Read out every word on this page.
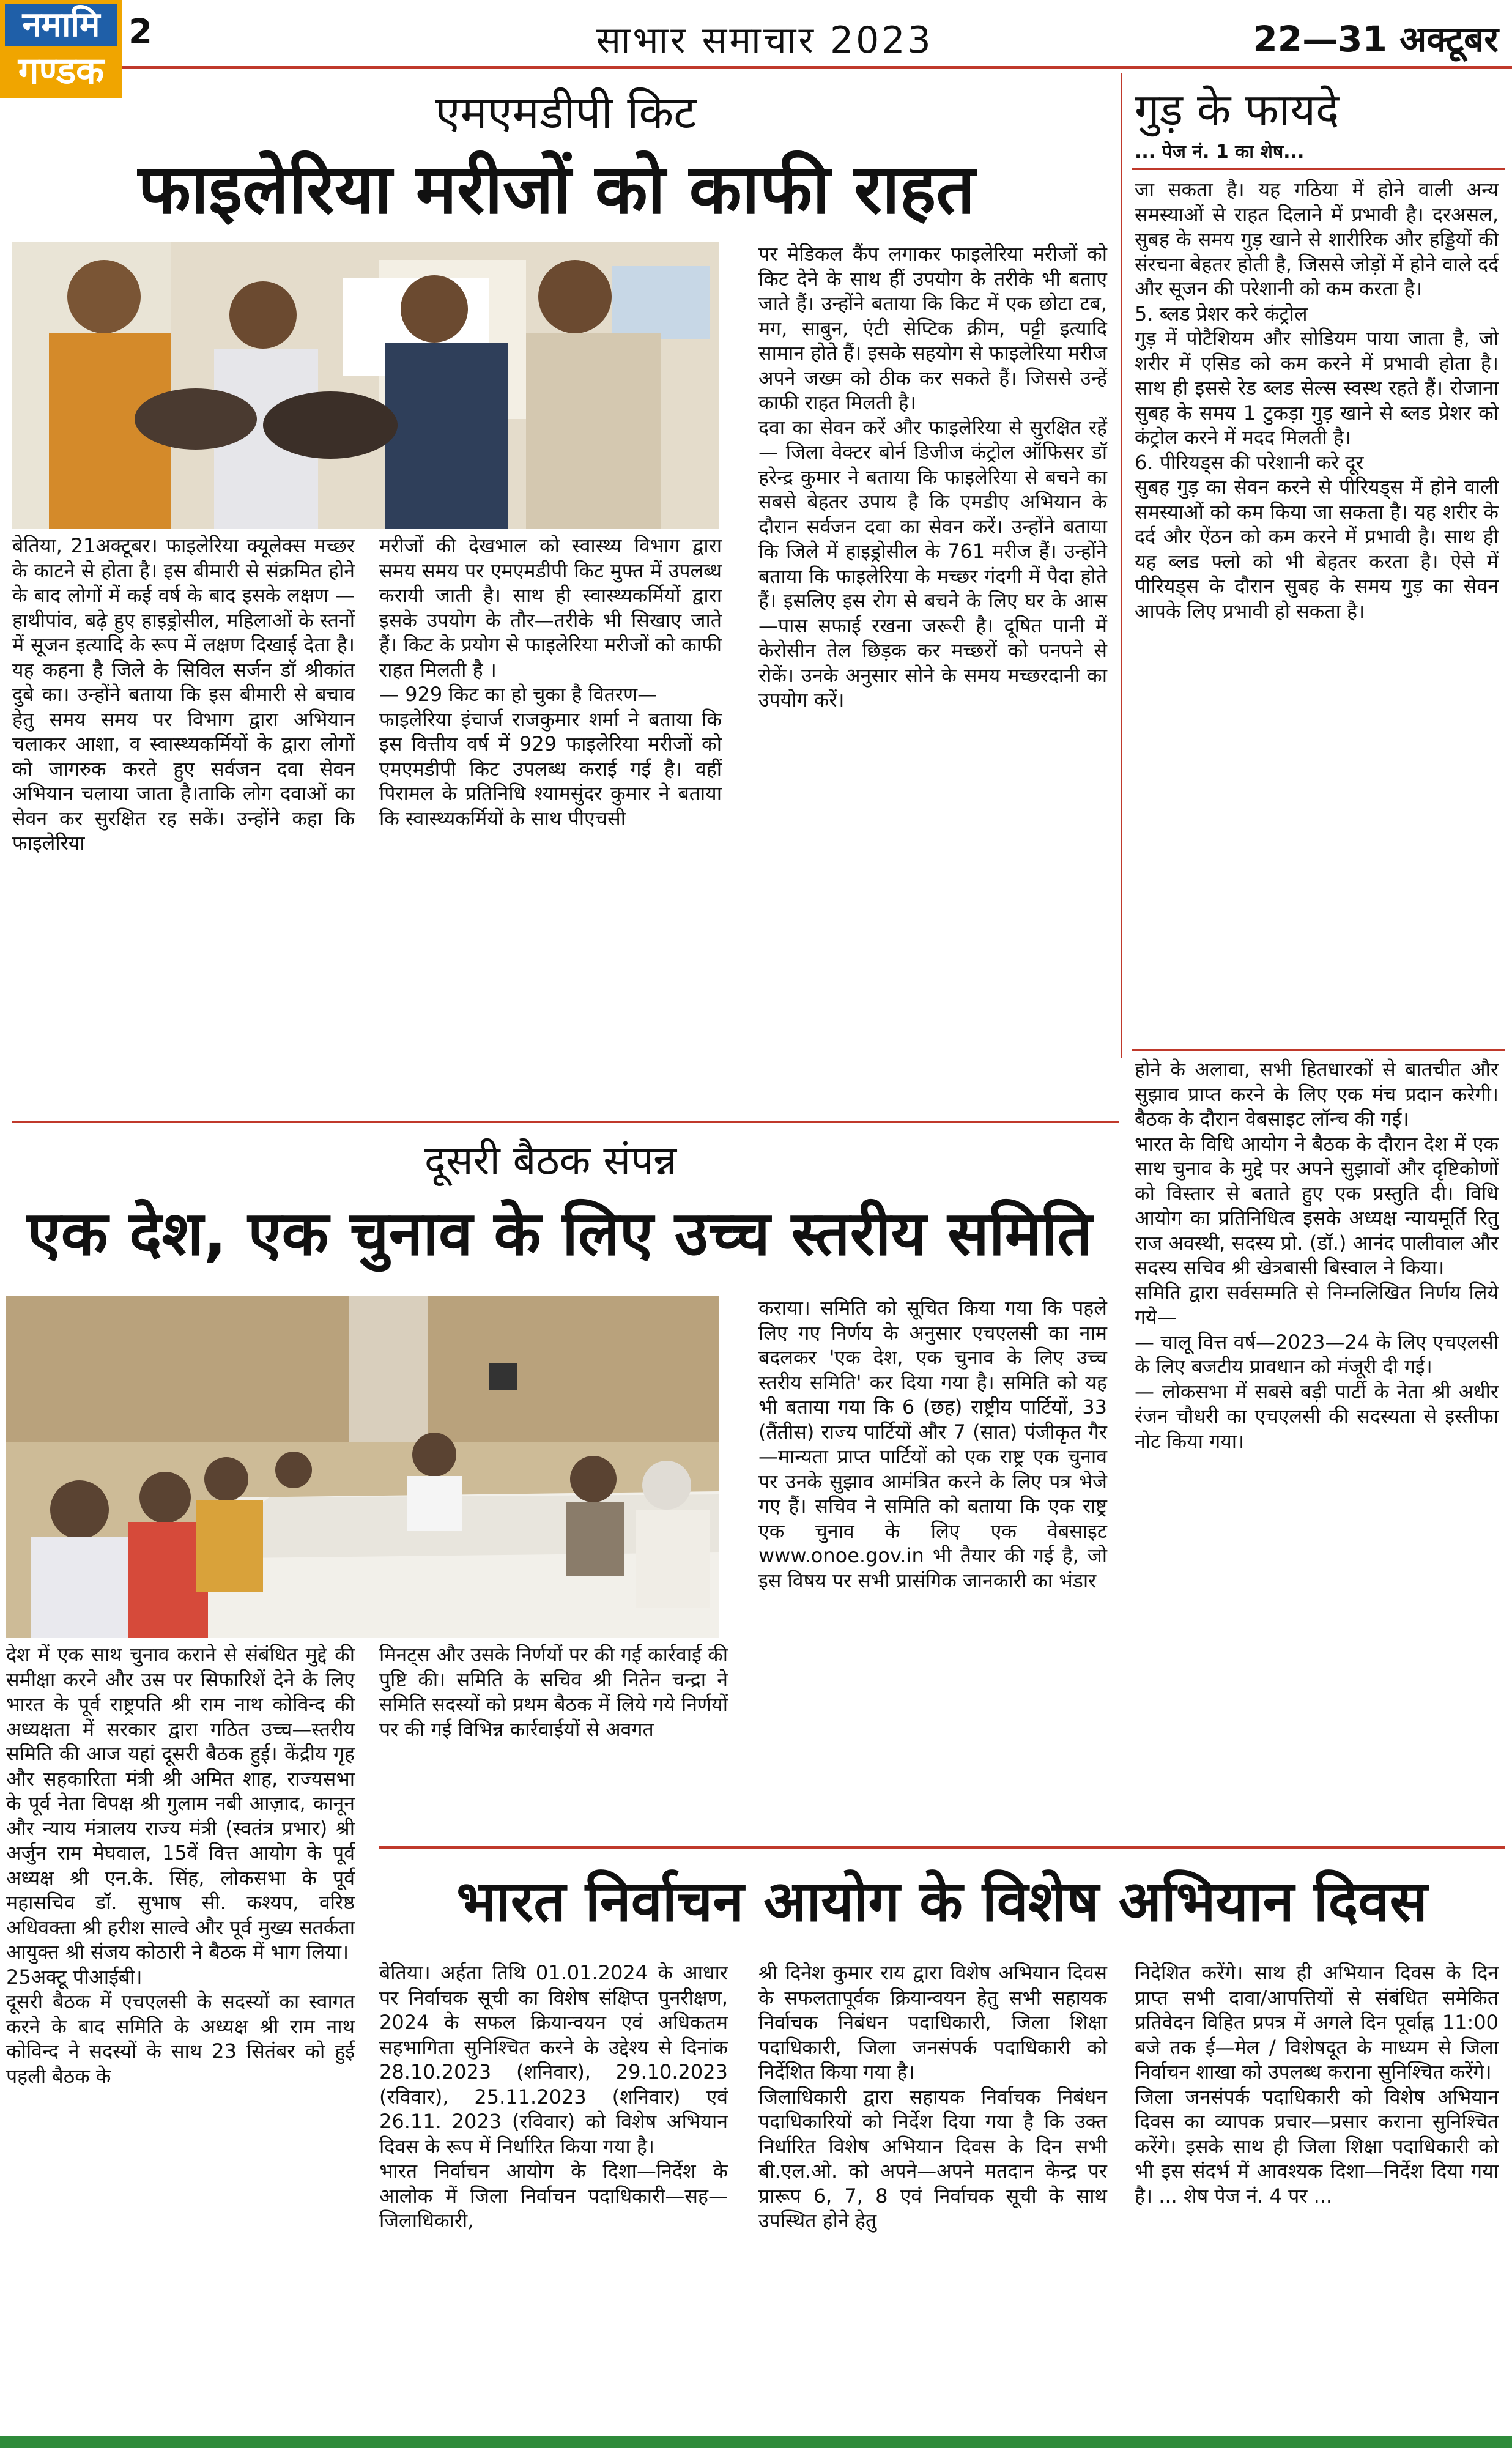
नमामि
गण्डक
2	साभार समाचार 2023	22—31 अक्टूबर
एमएमडीपी किट
फाइलेरिया मरीजों को काफी राहत
बेतिया, 21अक्टूबर। फाइलेरिया क्यूलेक्स मच्छर के काटने से होता है। इस बीमारी से संक्रमित होने के बाद लोगों में कई वर्ष के बाद इसके लक्षण —हाथीपांव, बढ़े हुए हाइड्रोसील, महिलाओं के स्तनों में सूजन इत्यादि के रूप में लक्षण दिखाई देता है। यह कहना है जिले के सिविल सर्जन डॉ श्रीकांत दुबे का। उन्होंने बताया कि इस बीमारी से बचाव हेतु समय समय पर विभाग द्वारा अभियान चलाकर आशा, व स्वास्थ्यकर्मियों के द्वारा लोगों को जागरुक करते हुए सर्वजन दवा सेवन अभियान चलाया जाता है।ताकि लोग दवाओं का सेवन कर सुरक्षित रह सकें। उन्होंने कहा कि फाइलेरिया
मरीजों की देखभाल को स्वास्थ्य विभाग द्वारा समय समय पर एमएमडीपी किट मुफ्त में उपलब्ध करायी जाती है। साथ ही स्वास्थ्यकर्मियों द्वारा इसके उपयोग के तौर—तरीके भी सिखाए जाते हैं। किट के प्रयोग से फाइलेरिया मरीजों को काफी राहत मिलती है ।
— 929 किट का हो चुका है वितरण—
फाइलेरिया इंचार्ज राजकुमार शर्मा ने बताया कि इस वित्तीय वर्ष में 929 फाइलेरिया मरीजों को एमएमडीपी किट उपलब्ध कराई गई है। वहीं पिरामल के प्रतिनिधि श्यामसुंदर कुमार ने बताया कि स्वास्थ्यकर्मियों के साथ पीएचसी
पर मेडिकल कैंप लगाकर फाइलेरिया मरीजों को किट देने के साथ हीं उपयोग के तरीके भी बताए जाते हैं। उन्होंने बताया कि किट में एक छोटा टब, मग, साबुन, एंटी सेप्टिक क्रीम, पट्टी इत्यादि सामान होते हैं। इसके सहयोग से फाइलेरिया मरीज अपने जख्म को ठीक कर सकते हैं। जिससे उन्हें काफी राहत मिलती है।
दवा का सेवन करें और फाइलेरिया से सुरक्षित रहें— जिला वेक्टर बोर्न डिजीज कंट्रोल ऑफिसर डॉ हरेन्द्र कुमार ने बताया कि फाइलेरिया से बचने का सबसे बेहतर उपाय है कि एमडीए अभियान के दौरान सर्वजन दवा का सेवन करें। उन्होंने बताया कि जिले में हाइड्रोसील के 761 मरीज हैं। उन्होंने बताया कि फाइलेरिया के मच्छर गंदगी में पैदा होते हैं। इसलिए इस रोग से बचने के लिए घर के आस—पास सफाई रखना जरूरी है। दूषित पानी में केरोसीन तेल छिड़क कर मच्छरों को पनपने से रोकें। उनके अनुसार सोने के समय मच्छरदानी का उपयोग करें।
गुड़ के फायदे
... पेज नं. 1 का शेष...
जा सकता है। यह गठिया में होने वाली अन्य समस्याओं से राहत दिलाने में प्रभावी है। दरअसल, सुबह के समय गुड़ खाने से शारीरिक और हड्डियों की संरचना बेहतर होती है, जिससे जोड़ों में होने वाले दर्द और सूजन की परेशानी को कम करता है।
5. ब्लड प्रेशर करे कंट्रोल
गुड़ में पोटैशियम और सोडियम पाया जाता है, जो शरीर में एसिड को कम करने में प्रभावी होता है। साथ ही इससे रेड ब्लड सेल्स स्वस्थ रहते हैं। रोजाना सुबह के समय 1 टुकड़ा गुड़ खाने से ब्लड प्रेशर को कंट्रोल करने में मदद मिलती है।
6. पीरियड्स की परेशानी करे दूर
सुबह गुड़ का सेवन करने से पीरियड्स में होने वाली समस्याओं को कम किया जा सकता है। यह शरीर के दर्द और ऐंठन को कम करने में प्रभावी है। साथ ही यह ब्लड फ्लो को भी बेहतर करता है। ऐसे में पीरियड्स के दौरान सुबह के समय गुड़ का सेवन आपके लिए प्रभावी हो सकता है।
दूसरी बैठक संपन्न
एक देश, एक चुनाव के लिए उच्च स्तरीय समिति
देश में एक साथ चुनाव कराने से संबंधित मुद्दे की समीक्षा करने और उस पर सिफारिशें देने के लिए भारत के पूर्व राष्ट्रपति श्री राम नाथ कोविन्द की अध्यक्षता में सरकार द्वारा गठित उच्च—स्तरीय समिति की आज यहां दूसरी बैठक हुई। केंद्रीय गृह और सहकारिता मंत्री श्री अमित शाह, राज्यसभा के पूर्व नेता विपक्ष श्री गुलाम नबी आज़ाद, कानून और न्याय मंत्रालय राज्य मंत्री (स्वतंत्र प्रभार) श्री अर्जुन राम मेघवाल, 15वें वित्त आयोग के पूर्व अध्यक्ष श्री एन.के. सिंह, लोकसभा के पूर्व महासचिव डॉ. सुभाष सी. कश्यप, वरिष्ठ अधिवक्ता श्री हरीश साल्वे और पूर्व मुख्य सतर्कता आयुक्त श्री संजय कोठारी ने बैठक में भाग लिया।
25अक्टू पीआईबी।
दूसरी बैठक में एचएलसी के सदस्यों का स्वागत करने के बाद समिति के अध्यक्ष श्री राम नाथ कोविन्द ने सदस्यों के साथ 23 सितंबर को हुई पहली बैठक के
मिनट्स और उसके निर्णयों पर की गई कार्रवाई की पुष्टि की। समिति के सचिव श्री नितेन चन्द्रा ने समिति सदस्यों को प्रथम बैठक में लिये गये निर्णयों पर की गई विभिन्न कार्रवाईयों से अवगत
कराया। समिति को सूचित किया गया कि पहले लिए गए निर्णय के अनुसार एचएलसी का नाम बदलकर 'एक देश, एक चुनाव के लिए उच्च स्तरीय समिति' कर दिया गया है। समिति को यह भी बताया गया कि 6 (छह) राष्ट्रीय पार्टियों, 33 (तैंतीस) राज्य पार्टियों और 7 (सात) पंजीकृत गैर—मान्यता प्राप्त पार्टियों को एक राष्ट्र एक चुनाव पर उनके सुझाव आमंत्रित करने के लिए पत्र भेजे गए हैं। सचिव ने समिति को बताया कि एक राष्ट्र एक चुनाव के लिए एक वेबसाइट www.onoe.gov.in भी तैयार की गई है, जो इस विषय पर सभी प्रासंगिक जानकारी का भंडार
होने के अलावा, सभी हितधारकों से बातचीत और सुझाव प्राप्त करने के लिए एक मंच प्रदान करेगी। बैठक के दौरान वेबसाइट लॉन्च की गई।
भारत के विधि आयोग ने बैठक के दौरान देश में एक साथ चुनाव के मुद्दे पर अपने सुझावों और दृष्टिकोणों को विस्तार से बताते हुए एक प्रस्तुति दी। विधि आयोग का प्रतिनिधित्व इसके अध्यक्ष न्यायमूर्ति रितु राज अवस्थी, सदस्य प्रो. (डॉ.) आनंद पालीवाल और सदस्य सचिव श्री खेत्रबासी बिस्वाल ने किया।
समिति द्वारा सर्वसम्मति से निम्नलिखित निर्णय लिये गये—
— चालू वित्त वर्ष—2023—24 के लिए एचएलसी के लिए बजटीय प्रावधान को मंजूरी दी गई।
— लोकसभा में सबसे बड़ी पार्टी के नेता श्री अधीर रंजन चौधरी का एचएलसी की सदस्यता से इस्तीफा नोट किया गया।
भारत निर्वाचन आयोग के विशेष अभियान दिवस
बेतिया। अर्हता तिथि 01.01.2024 के आधार पर निर्वाचक सूची का विशेष संक्षिप्त पुनरीक्षण, 2024 के सफल क्रियान्वयन एवं अधिकतम सहभागिता सुनिश्चित करने के उद्देश्य से दिनांक 28.10.2023 (शनिवार), 29.10.2023 (रविवार), 25.11.2023 (शनिवार) एवं 26.11. 2023 (रविवार) को विशेष अभियान दिवस के रूप में निर्धारित किया गया है।
भारत निर्वाचन आयोग के दिशा—निर्देश के आलोक में जिला निर्वाचन पदाधिकारी—सह—जिलाधिकारी,
श्री दिनेश कुमार राय द्वारा विशेष अभियान दिवस के सफलतापूर्वक क्रियान्वयन हेतु सभी सहायक निर्वाचक निबंधन पदाधिकारी, जिला शिक्षा पदाधिकारी, जिला जनसंपर्क पदाधिकारी को निर्देशित किया गया है।
जिलाधिकारी द्वारा सहायक निर्वाचक निबंधन पदाधिकारियों को निर्देश दिया गया है कि उक्त निर्धारित विशेष अभियान दिवस के दिन सभी बी.एल.ओ. को अपने—अपने मतदान केन्द्र पर प्रारूप 6, 7, 8 एवं निर्वाचक सूची के साथ उपस्थित होने हेतु
निदेशित करेंगे। साथ ही अभियान दिवस के दिन प्राप्त सभी दावा/आपत्तियों से संबंधित समेकित प्रतिवेदन विहित प्रपत्र में अगले दिन पूर्वाह्न 11:00 बजे तक ई—मेल / विशेषदूत के माध्यम से जिला निर्वाचन शाखा को उपलब्ध कराना सुनिश्चित करेंगे।
जिला जनसंपर्क पदाधिकारी को विशेष अभियान दिवस का व्यापक प्रचार—प्रसार कराना सुनिश्चित करेंगे। इसके साथ ही जिला शिक्षा पदाधिकारी को भी इस संदर्भ में आवश्यक दिशा—निर्देश दिया गया है। ... शेष पेज नं. 4 पर ...
